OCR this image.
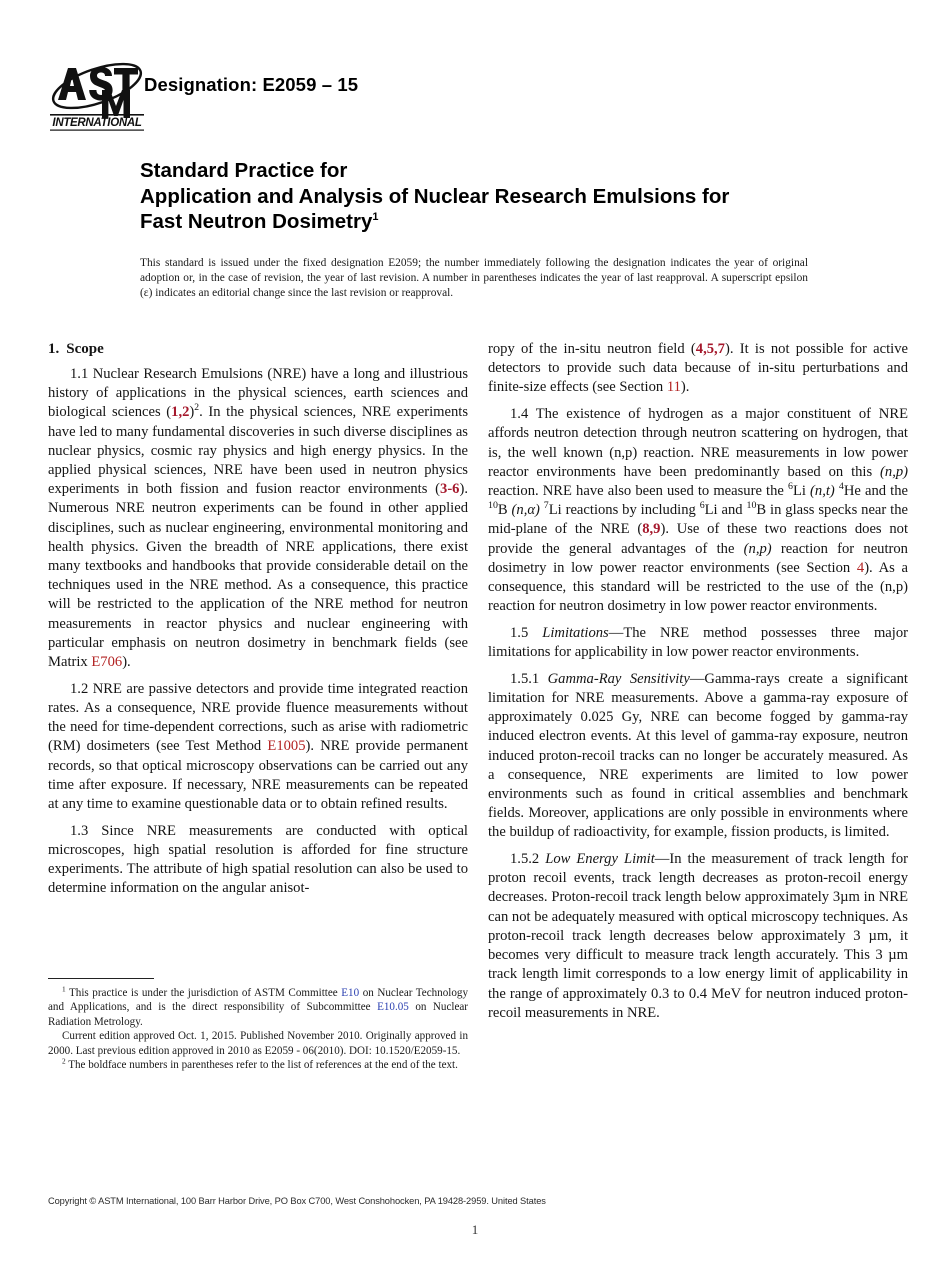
INTERNATIONAL
Designation: E2059 – 15
Standard Practice for
Application and Analysis of Nuclear Research Emulsions for
Fast Neutron Dosimetry$^1$
This standard is issued under the fixed designation E2059; the number immediately following the designation indicates the year of original adoption or, in the case of revision, the year of last revision. A number in parentheses indicates the year of last reapproval. A superscript epsilon (ε) indicates an editorial change since the last revision or reapproval.
1. Scope

1.1 Nuclear Research Emulsions (NRE) have a long and illustrious history of applications in the physical sciences, earth sciences and biological sciences (1,2)$^2$. In the physical sciences, NRE experiments have led to many fundamental discoveries in such diverse disciplines as nuclear physics, cosmic ray physics and high energy physics. In the applied physical sciences, NRE have been used in neutron physics experiments in both fission and fusion reactor environments (3-6). Numerous NRE neutron experiments can be found in other applied disciplines, such as nuclear engineering, environmental monitoring and health physics. Given the breadth of NRE applications, there exist many textbooks and handbooks that provide considerable detail on the techniques used in the NRE method. As a consequence, this practice will be restricted to the application of the NRE method for neutron measurements in reactor physics and nuclear engineering with particular emphasis on neutron dosimetry in benchmark fields (see Matrix E706).

1.2 NRE are passive detectors and provide time integrated reaction rates. As a consequence, NRE provide fluence measurements without the need for time-dependent corrections, such as arise with radiometric (RM) dosimeters (see Test Method E1005). NRE provide permanent records, so that optical microscopy observations can be carried out any time after exposure. If necessary, NRE measurements can be repeated at any time to examine questionable data or to obtain refined results.

1.3 Since NRE measurements are conducted with optical microscopes, high spatial resolution is afforded for fine structure experiments. The attribute of high spatial resolution can also be used to determine information on the angular anisot-

ropy of the in-situ neutron field (4,5,7). It is not possible for active detectors to provide such data because of in-situ perturbations and finite-size effects (see Section 11).

1.4 The existence of hydrogen as a major constituent of NRE affords neutron detection through neutron scattering on hydrogen, that is, the well known (n,p) reaction. NRE measurements in low power reactor environments have been predominantly based on this (n,p) reaction. NRE have also been used to measure the $^6$Li (n,t) $^4$He and the $^{10}$B (n,α) $^7$Li reactions by including $^6$Li and $^{10}$B in glass specks near the mid-plane of the NRE (8,9). Use of these two reactions does not provide the general advantages of the (n,p) reaction for neutron dosimetry in low power reactor environments (see Section 4). As a consequence, this standard will be restricted to the use of the (n,p) reaction for neutron dosimetry in low power reactor environments.

1.5 Limitations—The NRE method possesses three major limitations for applicability in low power reactor environments.

1.5.1 Gamma-Ray Sensitivity—Gamma-rays create a significant limitation for NRE measurements. Above a gamma-ray exposure of approximately 0.025 Gy, NRE can become fogged by gamma-ray induced electron events. At this level of gamma-ray exposure, neutron induced proton-recoil tracks can no longer be accurately measured. As a consequence, NRE experiments are limited to low power environments such as found in critical assemblies and benchmark fields. Moreover, applications are only possible in environments where the buildup of radioactivity, for example, fission products, is limited.

1.5.2 Low Energy Limit—In the measurement of track length for proton recoil events, track length decreases as proton-recoil energy decreases. Proton-recoil track length below approximately 3µm in NRE can not be adequately measured with optical microscopy techniques. As proton-recoil track length decreases below approximately 3 µm, it becomes very difficult to measure track length accurately. This 3 µm track length limit corresponds to a low energy limit of applicability in the range of approximately 0.3 to 0.4 MeV for neutron induced proton-recoil measurements in NRE.

$^1$ This practice is under the jurisdiction of ASTM Committee E10 on Nuclear Technology and Applications, and is the direct responsibility of Subcommittee E10.05 on Nuclear Radiation Metrology.

Current edition approved Oct. 1, 2015. Published November 2010. Originally approved in 2000. Last previous edition approved in 2010 as E2059 - 06(2010). DOI: 10.1520/E2059-15.

$^2$ The boldface numbers in parentheses refer to the list of references at the end of the text.

Copyright © ASTM International, 100 Barr Harbor Drive, PO Box C700, West Conshohocken, PA 19428-2959. United States
1
